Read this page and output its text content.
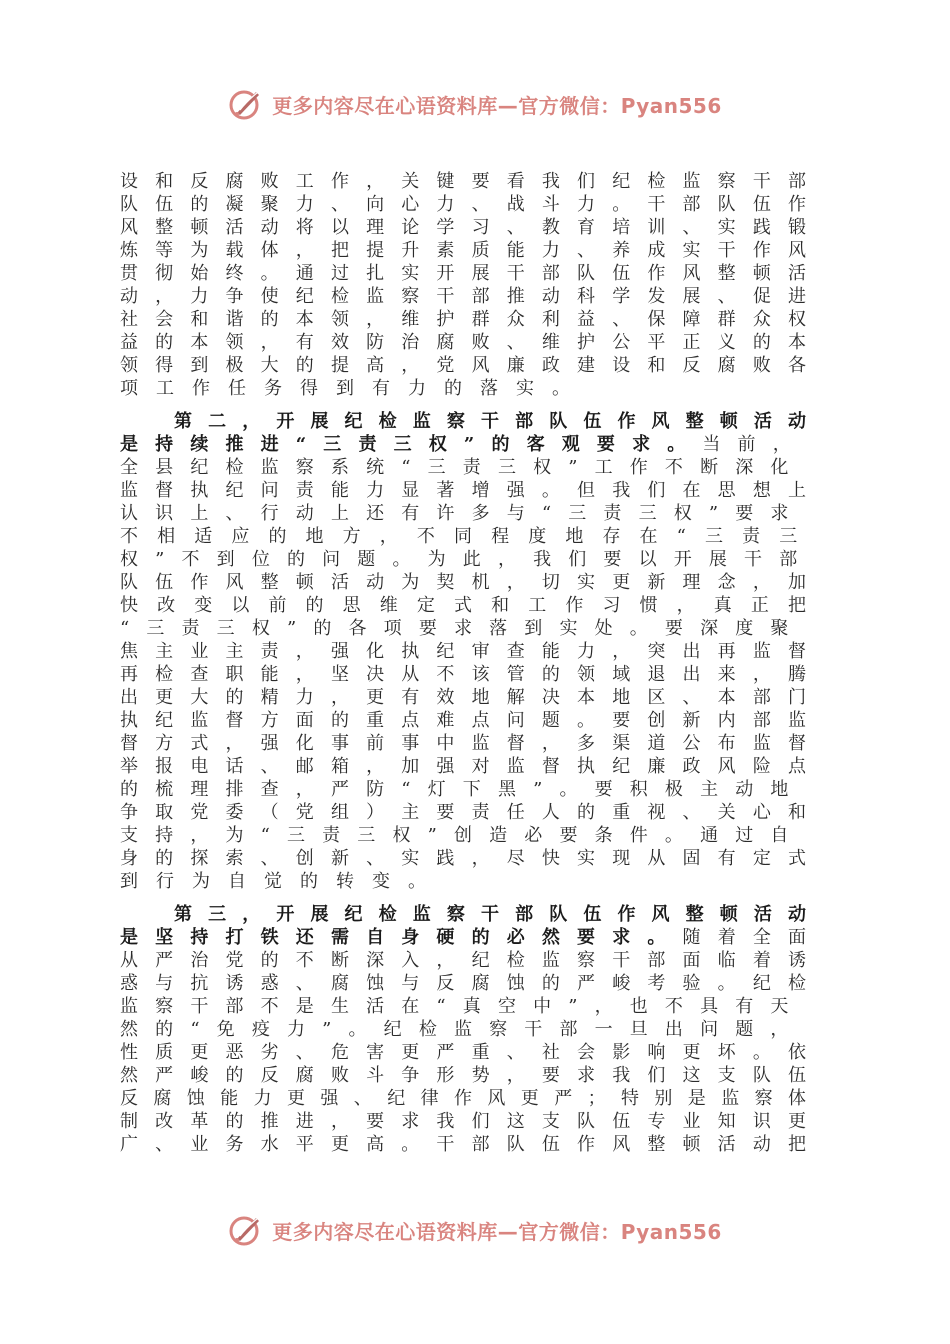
更多内容尽在心语资料库—官方微信：Pyan556
设和反腐败工作，关键要看我们纪检监察干部
队伍的凝聚力、向心力、战斗力。干部队伍作
风整顿活动将以理论学习、教育培训、实践锻
炼等为载体，把提升素质能力、养成实干作风
贯彻始终。通过扎实开展干部队伍作风整顿活
动，力争使纪检监察干部推动科学发展、促进
社会和谐的本领，维护群众利益、保障群众权
益的本领，有效防治腐败、维护公平正义的本
领得到极大的提高，党风廉政建设和反腐败各
项工作任务得到有力的落实。
第二，开展纪检监察干部队伍作风整顿活动
是持续推进“三责三权”的客观要求。当前，
全县纪检监察系统“三责三权”工作不断深化
监督执纪问责能力显著增强。但我们在思想上
认识上、行动上还有许多与“三责三权”要求
不相适应的地方，不同程度地存在“三责三
权”不到位的问题。为此，我们要以开展干部
队伍作风整顿活动为契机，切实更新理念，加
快改变以前的思维定式和工作习惯，真正把
“三责三权”的各项要求落到实处。要深度聚
焦主业主责，强化执纪审查能力，突出再监督
再检查职能，坚决从不该管的领域退出来，腾
出更大的精力，更有效地解决本地区、本部门
执纪监督方面的重点难点问题。要创新内部监
督方式，强化事前事中监督，多渠道公布监督
举报电话、邮箱，加强对监督执纪廉政风险点
的梳理排查，严防“灯下黑”。要积极主动地
争取党委（党组）主要责任人的重视、关心和
支持，为“三责三权”创造必要条件。通过自
身的探索、创新、实践，尽快实现从固有定式
到行为自觉的转变。
第三，开展纪检监察干部队伍作风整顿活动
是坚持打铁还需自身硬的必然要求。随着全面
从严治党的不断深入，纪检监察干部面临着诱
惑与抗诱惑、腐蚀与反腐蚀的严峻考验。纪检
监察干部不是生活在“真空中”，也不具有天
然的“免疫力”。纪检监察干部一旦出问题，
性质更恶劣、危害更严重、社会影响更坏。依
然严峻的反腐败斗争形势，要求我们这支队伍
反腐蚀能力更强、纪律作风更严；特别是监察体
制改革的推进，要求我们这支队伍专业知识更
广、业务水平更高。干部队伍作风整顿活动把
更多内容尽在心语资料库—官方微信：Pyan556
